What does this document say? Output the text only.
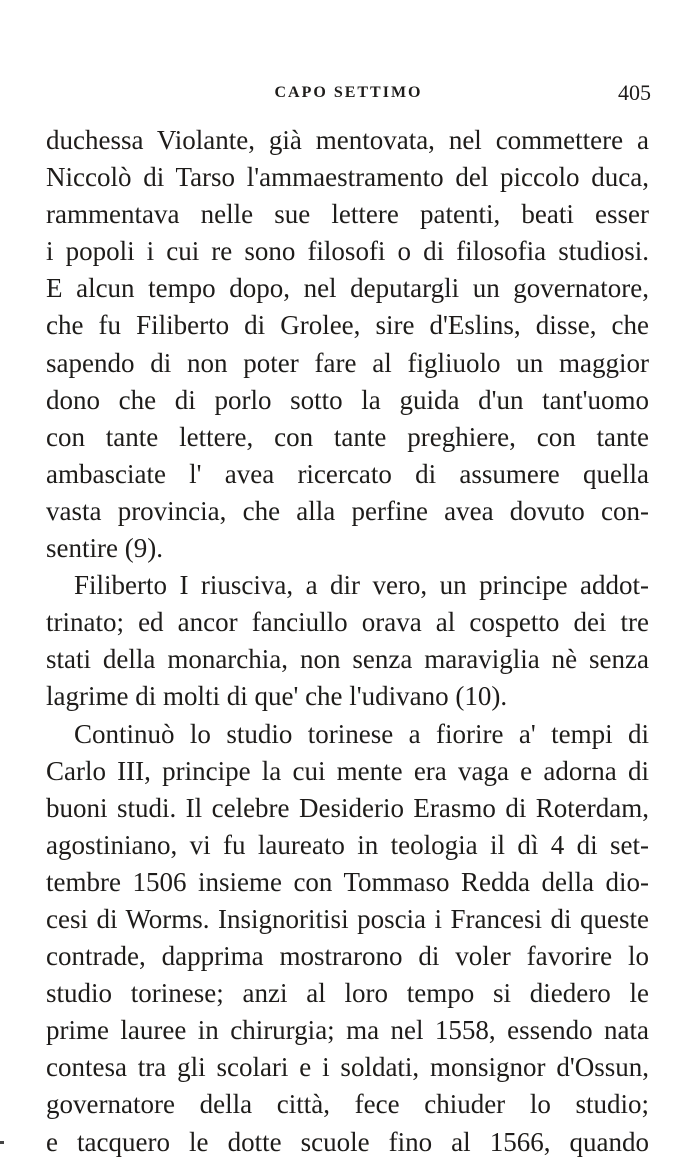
CAPO SETTIMO	405
duchessa Violante, già mentovata, nel commettere a
Niccolò di Tarso l'ammaestramento del piccolo duca,
rammentava nelle sue lettere patenti, beati esser
i popoli i cui re sono filosofi o di filosofia studiosi.
E alcun tempo dopo, nel deputargli un governatore,
che fu Filiberto di Grolee, sire d'Eslins, disse, che
sapendo di non poter fare al figliuolo un maggior
dono che di porlo sotto la guida d'un tant'uomo
con tante lettere, con tante preghiere, con tante
ambasciate l' avea ricercato di assumere quella
vasta provincia, che alla perfine avea dovuto con-
sentire (9).
Filiberto I riusciva, a dir vero, un principe addot-
trinato; ed ancor fanciullo orava al cospetto dei tre
stati della monarchia, non senza maraviglia nè senza
lagrime di molti di que' che l'udivano (10).
Continuò lo studio torinese a fiorire a' tempi di
Carlo III, principe la cui mente era vaga e adorna di
buoni studi. Il celebre Desiderio Erasmo di Roterdam,
agostiniano, vi fu laureato in teologia il dì 4 di set-
tembre 1506 insieme con Tommaso Redda della dio-
cesi di Worms. Insignoritisi poscia i Francesi di queste
contrade, dapprima mostrarono di voler favorire lo
studio torinese; anzi al loro tempo si diedero le
prime lauree in chirurgia; ma nel 1558, essendo nata
contesa tra gli scolari e i soldati, monsignor d'Ossun,
governatore della città, fece chiuder lo studio;
e tacquero le dotte scuole fino al 1566, quando
